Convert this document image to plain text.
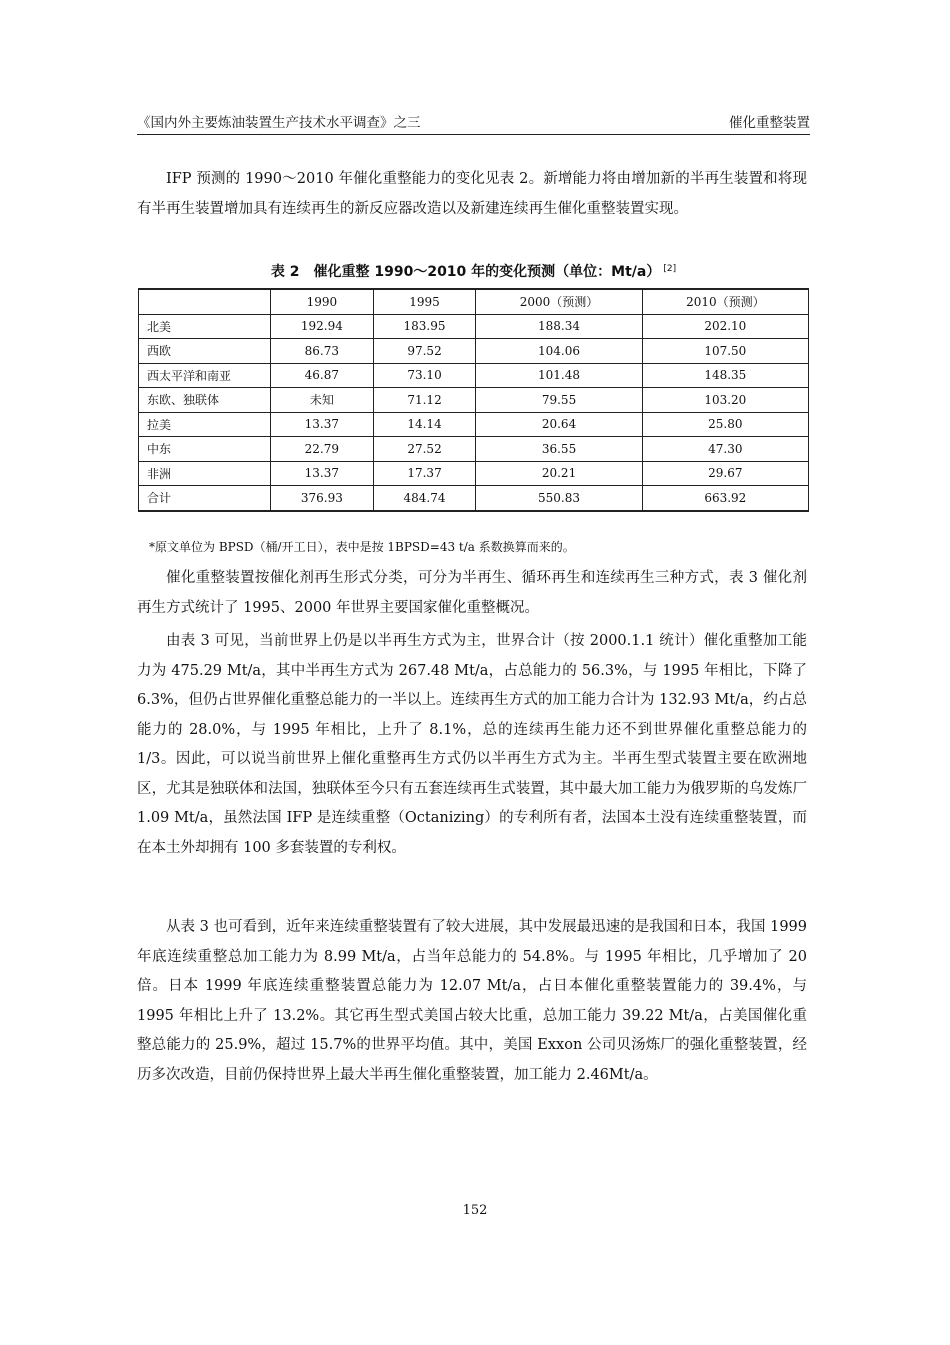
《国内外主要炼油装置生产技术水平调查》之三	催化重整装置

IFP 预测的 1990～2010 年催化重整能力的变化见表 2。新增能力将由增加新的半再生装置和将现有半再生装置增加具有连续再生的新反应器改造以及新建连续再生催化重整装置实现。

表 2　催化重整 1990～2010 年的变化预测（单位：Mt/a） [2]
	1990	1995	2000（预测）	2010（预测）
北美	192.94	183.95	188.34	202.10
西欧	86.73	97.52	104.06	107.50
西太平洋和南亚	46.87	73.10	101.48	148.35
东欧、独联体	未知	71.12	79.55	103.20
拉美	13.37	14.14	20.64	25.80
中东	22.79	27.52	36.55	47.30
非洲	13.37	17.37	20.21	29.67
合计	376.93	484.74	550.83	663.92
*原文单位为 BPSD（桶/开工日），表中是按 1BPSD=43 t/a 系数换算而来的。

催化重整装置按催化剂再生形式分类，可分为半再生、循环再生和连续再生三种方式，表 3 催化剂再生方式统计了 1995、2000 年世界主要国家催化重整概况。

由表 3 可见，当前世界上仍是以半再生方式为主，世界合计（按 2000.1.1 统计）催化重整加工能力为 475.29 Mt/a，其中半再生方式为 267.48 Mt/a，占总能力的 56.3%，与 1995 年相比，下降了 6.3%，但仍占世界催化重整总能力的一半以上。连续再生方式的加工能力合计为 132.93 Mt/a，约占总能力的 28.0%，与 1995 年相比，上升了 8.1%，总的连续再生能力还不到世界催化重整总能力的 1/3。因此，可以说当前世界上催化重整再生方式仍以半再生方式为主。半再生型式装置主要在欧洲地区，尤其是独联体和法国，独联体至今只有五套连续再生式装置，其中最大加工能力为俄罗斯的乌发炼厂 1.09 Mt/a，虽然法国 IFP 是连续重整（Octanizing）的专利所有者，法国本土没有连续重整装置，而在本土外却拥有 100 多套装置的专利权。

从表 3 也可看到，近年来连续重整装置有了较大进展，其中发展最迅速的是我国和日本，我国 1999 年底连续重整总加工能力为 8.99 Mt/a，占当年总能力的 54.8%。与 1995 年相比，几乎增加了 20 倍。日本 1999 年底连续重整装置总能力为 12.07 Mt/a，占日本催化重整装置能力的 39.4%，与 1995 年相比上升了 13.2%。其它再生型式美国占较大比重，总加工能力 39.22 Mt/a，占美国催化重整总能力的 25.9%，超过 15.7%的世界平均值。其中，美国 Exxon 公司贝汤炼厂的强化重整装置，经历多次改造，目前仍保持世界上最大半再生催化重整装置，加工能力 2.46Mt/a。

152
